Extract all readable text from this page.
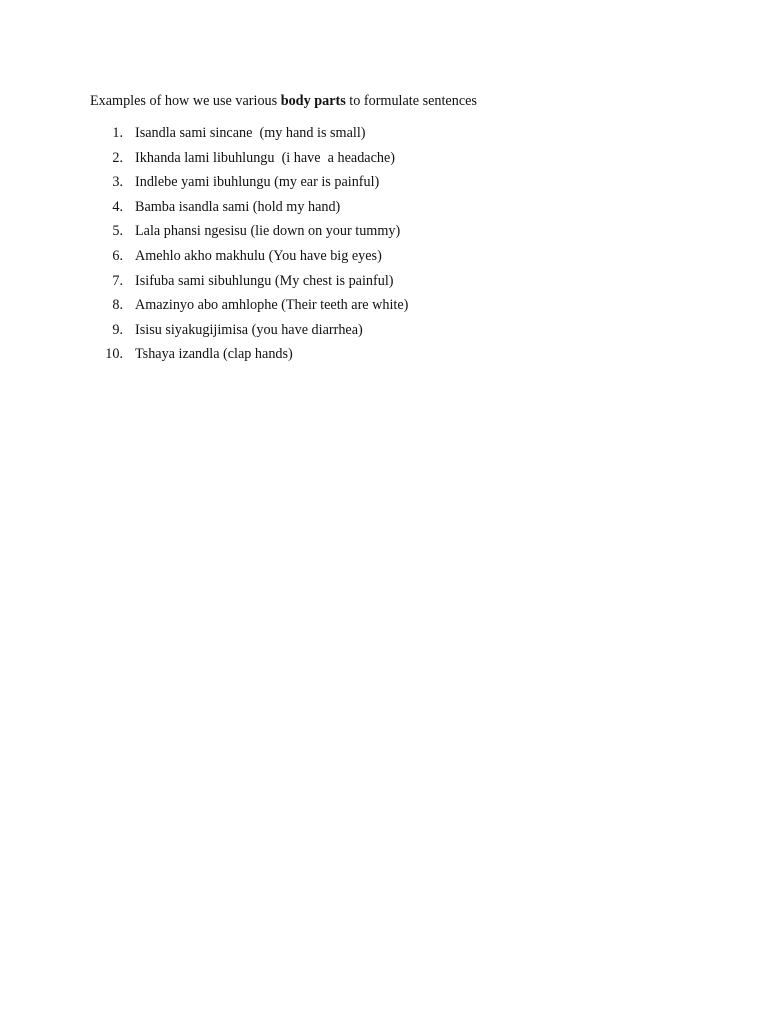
Examples of how we use various body parts to formulate sentences

1. Isandla sami sincane  (my hand is small)
2. Ikhanda lami libuhlungu  (i have  a headache)
3. Indlebe yami ibuhlungu (my ear is painful)
4. Bamba isandla sami (hold my hand)
5. Lala phansi ngesisu (lie down on your tummy)
6. Amehlo akho makhulu (You have big eyes)
7. Isifuba sami sibuhlungu (My chest is painful)
8. Amazinyo abo amhlophe (Their teeth are white)
9. Isisu siyakugijimisa (you have diarrhea)
10. Tshaya izandla (clap hands)
